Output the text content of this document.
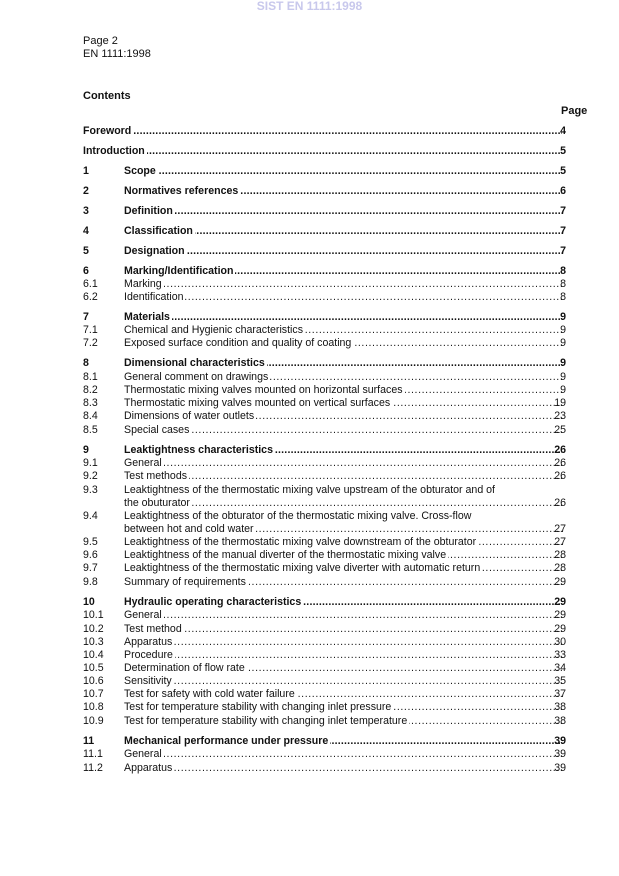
SIST EN 1111:1998
Page 2
EN 1111:1998
Contents
Page
Foreword .....	4
Introduction .....	5
1	Scope .....	5
2	Normatives references .....	6
3	Definition .....	7
4	Classification .....	7
5	Designation .....	7
6	Marking/Identification .....	8
6.1 Marking .....	8
6.2 Identification .....	8
7	Materials .....	9
7.1 Chemical and Hygienic characteristics .....	9
7.2 Exposed surface condition and quality of coating .....	9
8	Dimensional characteristics .....	9
8.1 General comment on drawings .....	9
8.2 Thermostatic mixing valves mounted on horizontal surfaces .....	9
8.3 Thermostatic mixing valves mounted on vertical surfaces .....	19
8.4 Dimensions of water outlets .....	23
8.5 Special cases .....	25
9	Leaktightness characteristics .....	26
9.1 General .....	26
9.2 Test methods .....	26
9.3 Leaktightness of the thermostatic mixing valve upstream of the obturator and of
the obuturator .....	26
9.4 Leaktightness of the obturator of the thermostatic mixing valve. Cross-flow
between hot and cold water .....	27
9.5 Leaktightness of the thermostatic mixing valve downstream of the obturator .....	27
9.6 Leaktightness of the manual diverter of the thermostatic mixing valve .....	28
9.7 Leaktightness of the thermostatic mixing valve diverter with automatic return .....	28
9.8 Summary of requirements .....	29
10	Hydraulic operating characteristics .....	29
10.1 General .....	29
10.2 Test method .....	29
10.3 Apparatus .....	30
10.4 Procedure .....	33
10.5 Determination of flow rate .....	34
10.6 Sensitivity .....	35
10.7 Test for safety with cold water failure .....	37
10.8 Test for temperature stability with changing inlet pressure .....	38
10.9 Test for temperature stability with changing inlet temperature .....	38
11	Mechanical performance under pressure .....	39
11.1 General .....	39
11.2 Apparatus .....	39
